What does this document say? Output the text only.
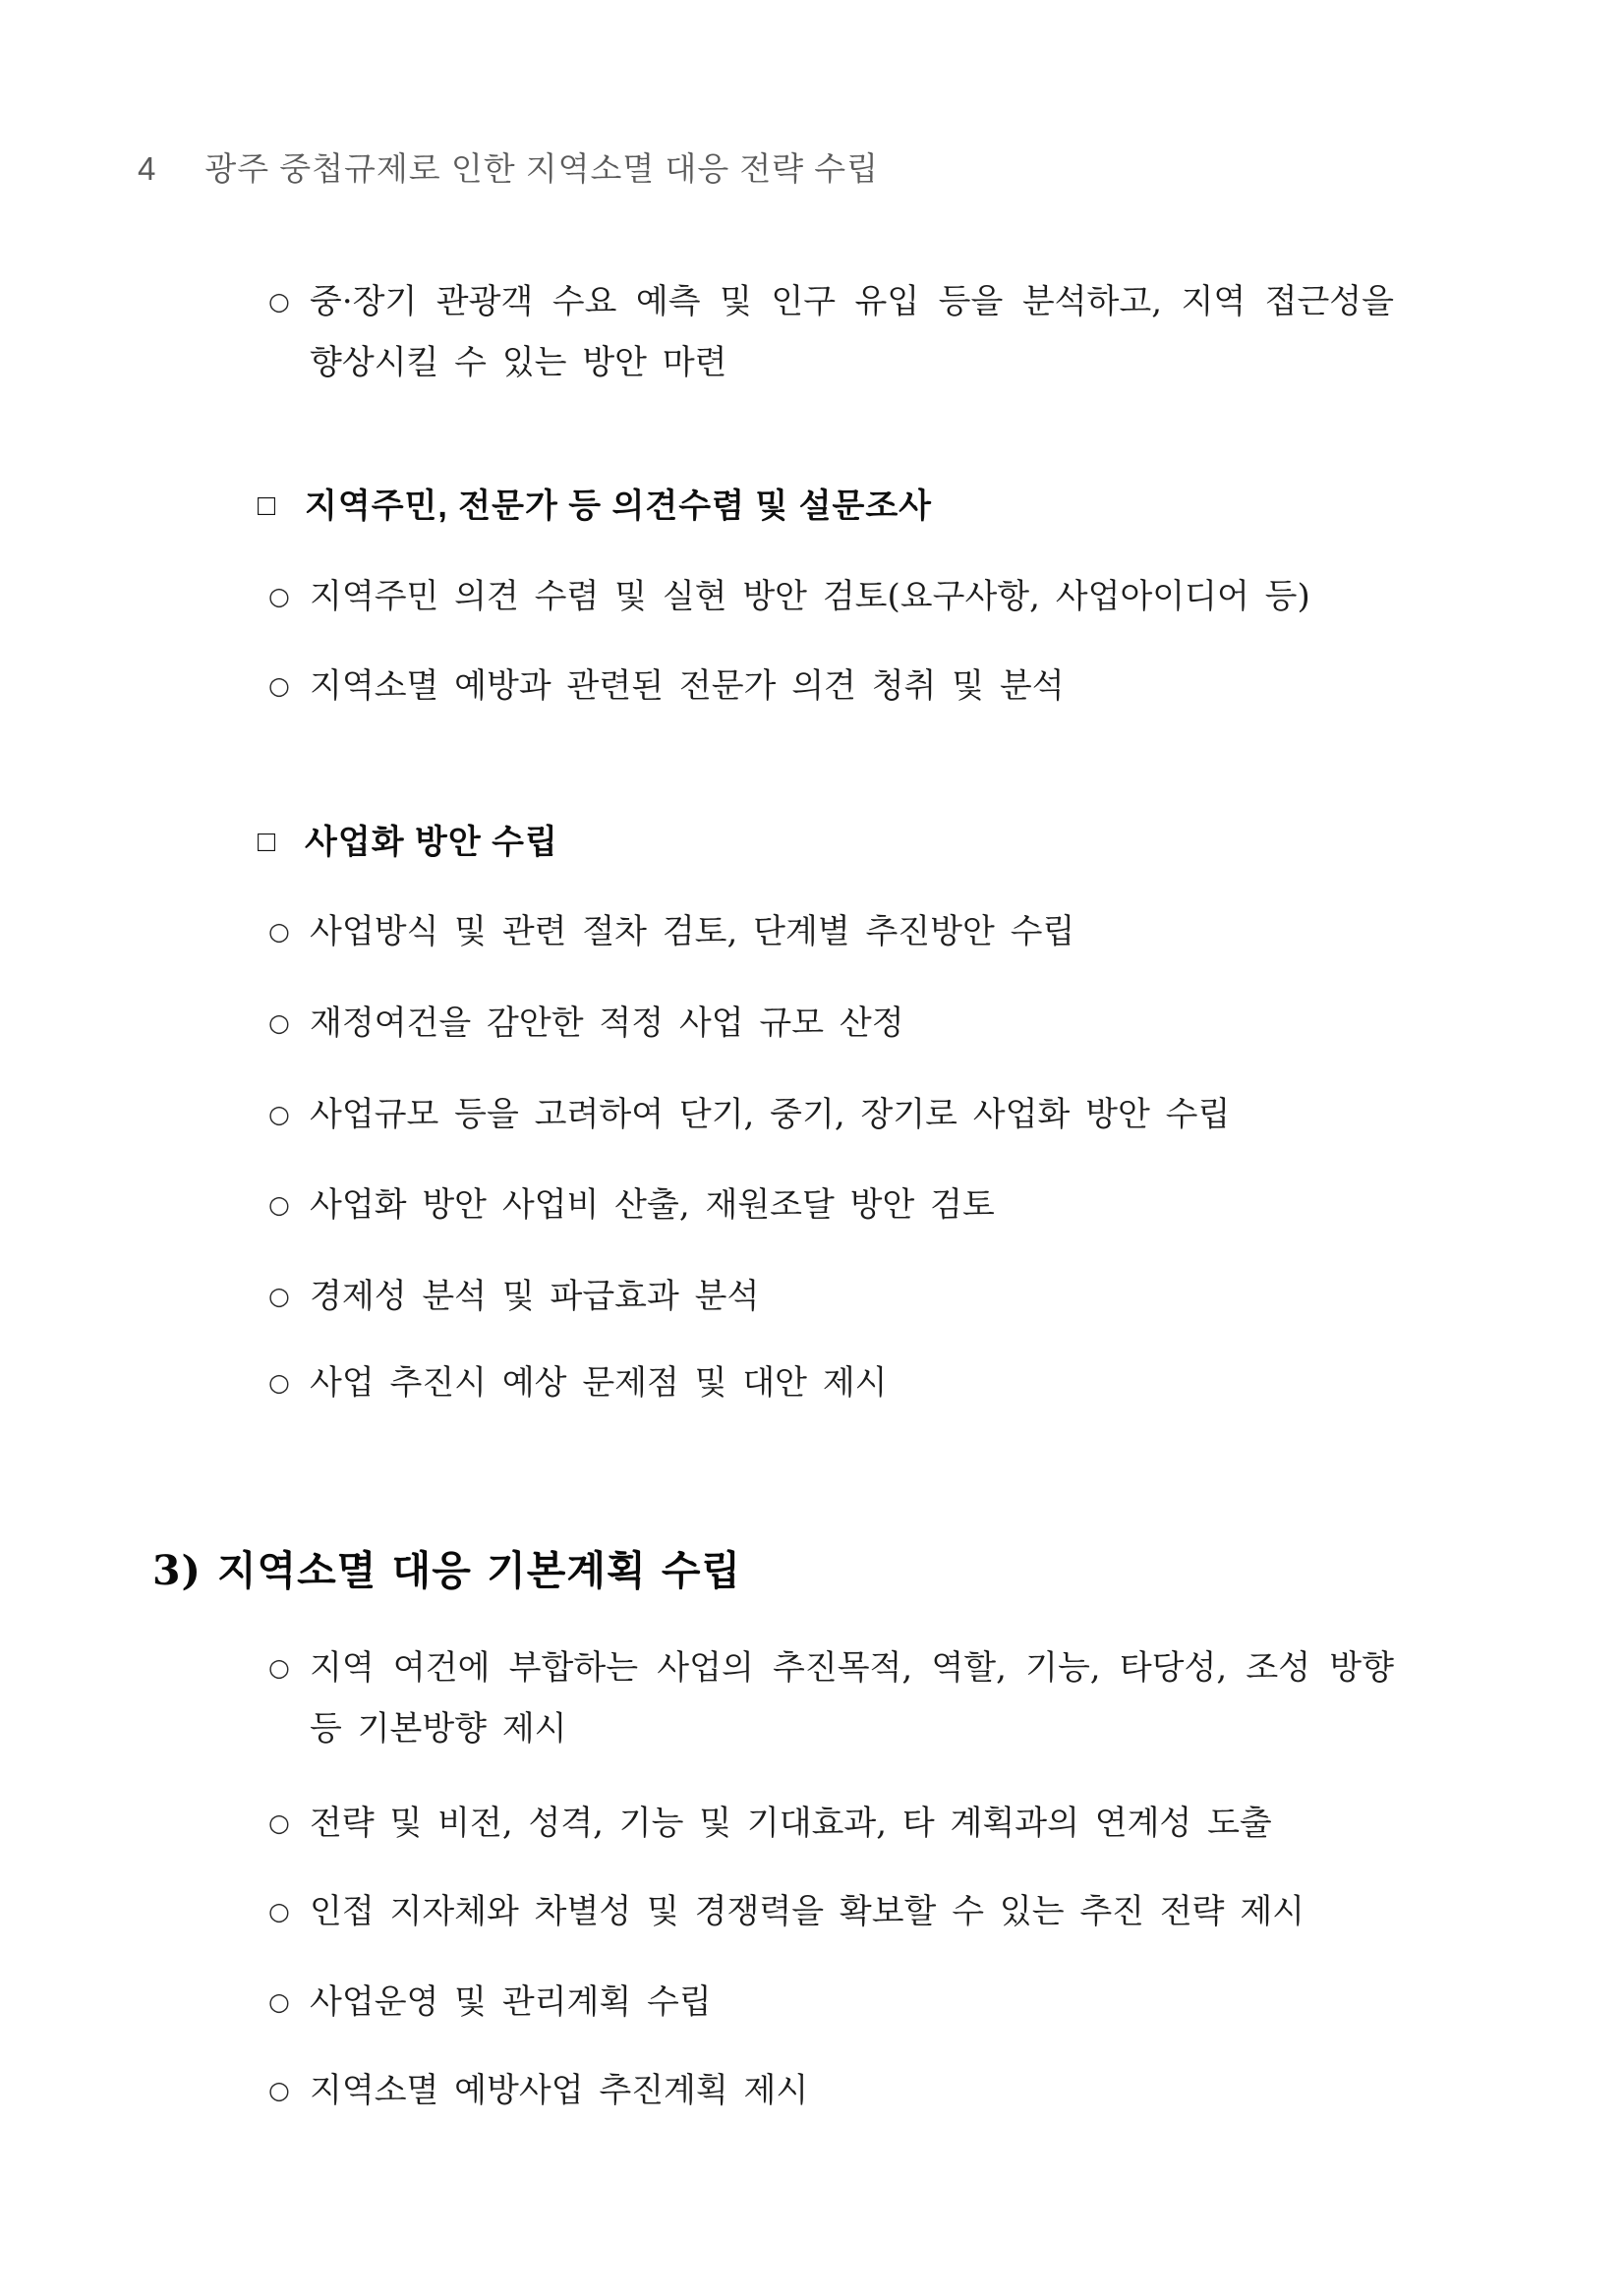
4 광주 중첩규제로 인한 지역소멸 대응 전략 수립
○ 중·장기 관광객 수요 예측 및 인구 유입 등을 분석하고, 지역 접근성을 향상시킬 수 있는 방안 마련
□ 지역주민, 전문가 등 의견수렴 및 설문조사
○ 지역주민 의견 수렴 및 실현 방안 검토(요구사항, 사업아이디어 등)
○ 지역소멸 예방과 관련된 전문가 의견 청취 및 분석
□ 사업화 방안 수립
○ 사업방식 및 관련 절차 검토, 단계별 추진방안 수립
○ 재정여건을 감안한 적정 사업 규모 산정
○ 사업규모 등을 고려하여 단기, 중기, 장기로 사업화 방안 수립
○ 사업화 방안 사업비 산출, 재원조달 방안 검토
○ 경제성 분석 및 파급효과 분석
○ 사업 추진시 예상 문제점 및 대안 제시
3) 지역소멸 대응 기본계획 수립
○ 지역 여건에 부합하는 사업의 추진목적, 역할, 기능, 타당성, 조성 방향 등 기본방향 제시
○ 전략 및 비전, 성격, 기능 및 기대효과, 타 계획과의 연계성 도출
○ 인접 지자체와 차별성 및 경쟁력을 확보할 수 있는 추진 전략 제시
○ 사업운영 및 관리계획 수립
○ 지역소멸 예방사업 추진계획 제시
